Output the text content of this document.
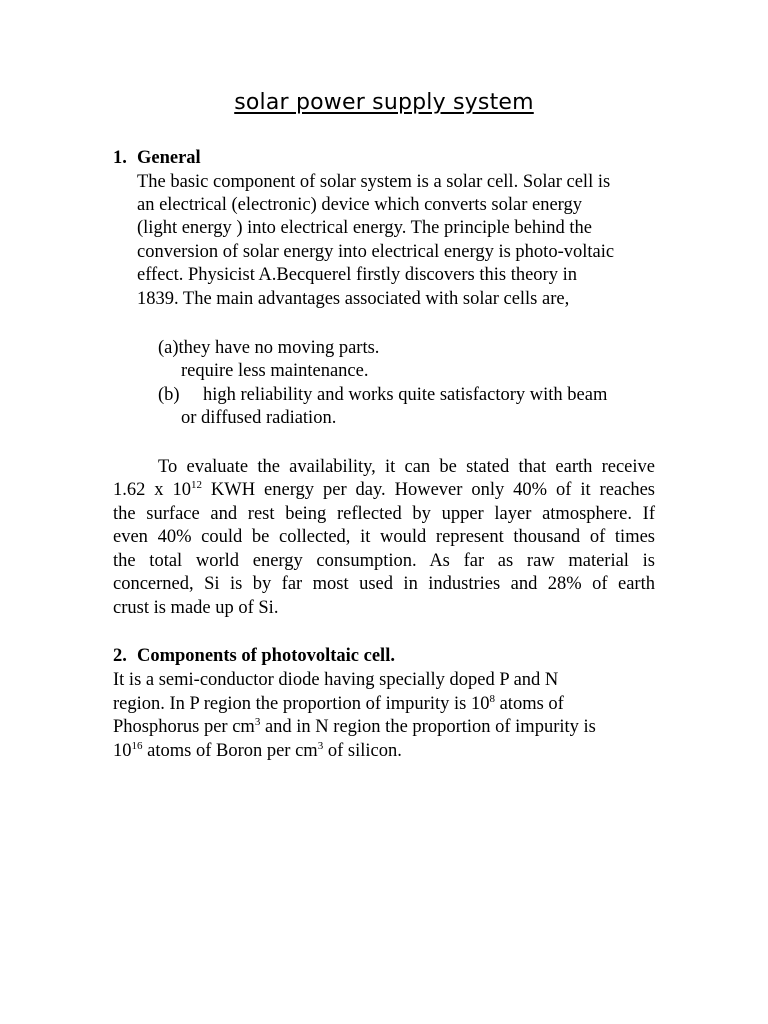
solar power supply system
1. General
The basic component of solar system is a solar cell. Solar cell is
an electrical (electronic) device which converts solar energy
(light energy ) into electrical energy. The principle behind the
conversion of solar energy into electrical energy is photo-voltaic
effect. Physicist A.Becquerel firstly discovers this theory in
1839. The main advantages associated with solar cells are,
(a)they have no moving parts.
require less maintenance.
(b) high reliability and works quite satisfactory with beam
or diffused radiation.
To evaluate the availability, it can be stated that earth receive
1.62 x $10^{12}$ KWH energy per day. However only 40% of it reaches
the surface and rest being reflected by upper layer atmosphere. If
even 40% could be collected, it would represent thousand of times
the total world energy consumption. As far as raw material is
concerned, Si is by far most used in industries and 28% of earth
crust is made up of Si.
2. Components of photovoltaic cell.
It is a semi-conductor diode having specially doped P and N
region. In P region the proportion of impurity is $10^8$ atoms of
Phosphorus per $cm^3$ and in N region the proportion of impurity is
$10^{16}$ atoms of Boron per $cm^3$ of silicon.
